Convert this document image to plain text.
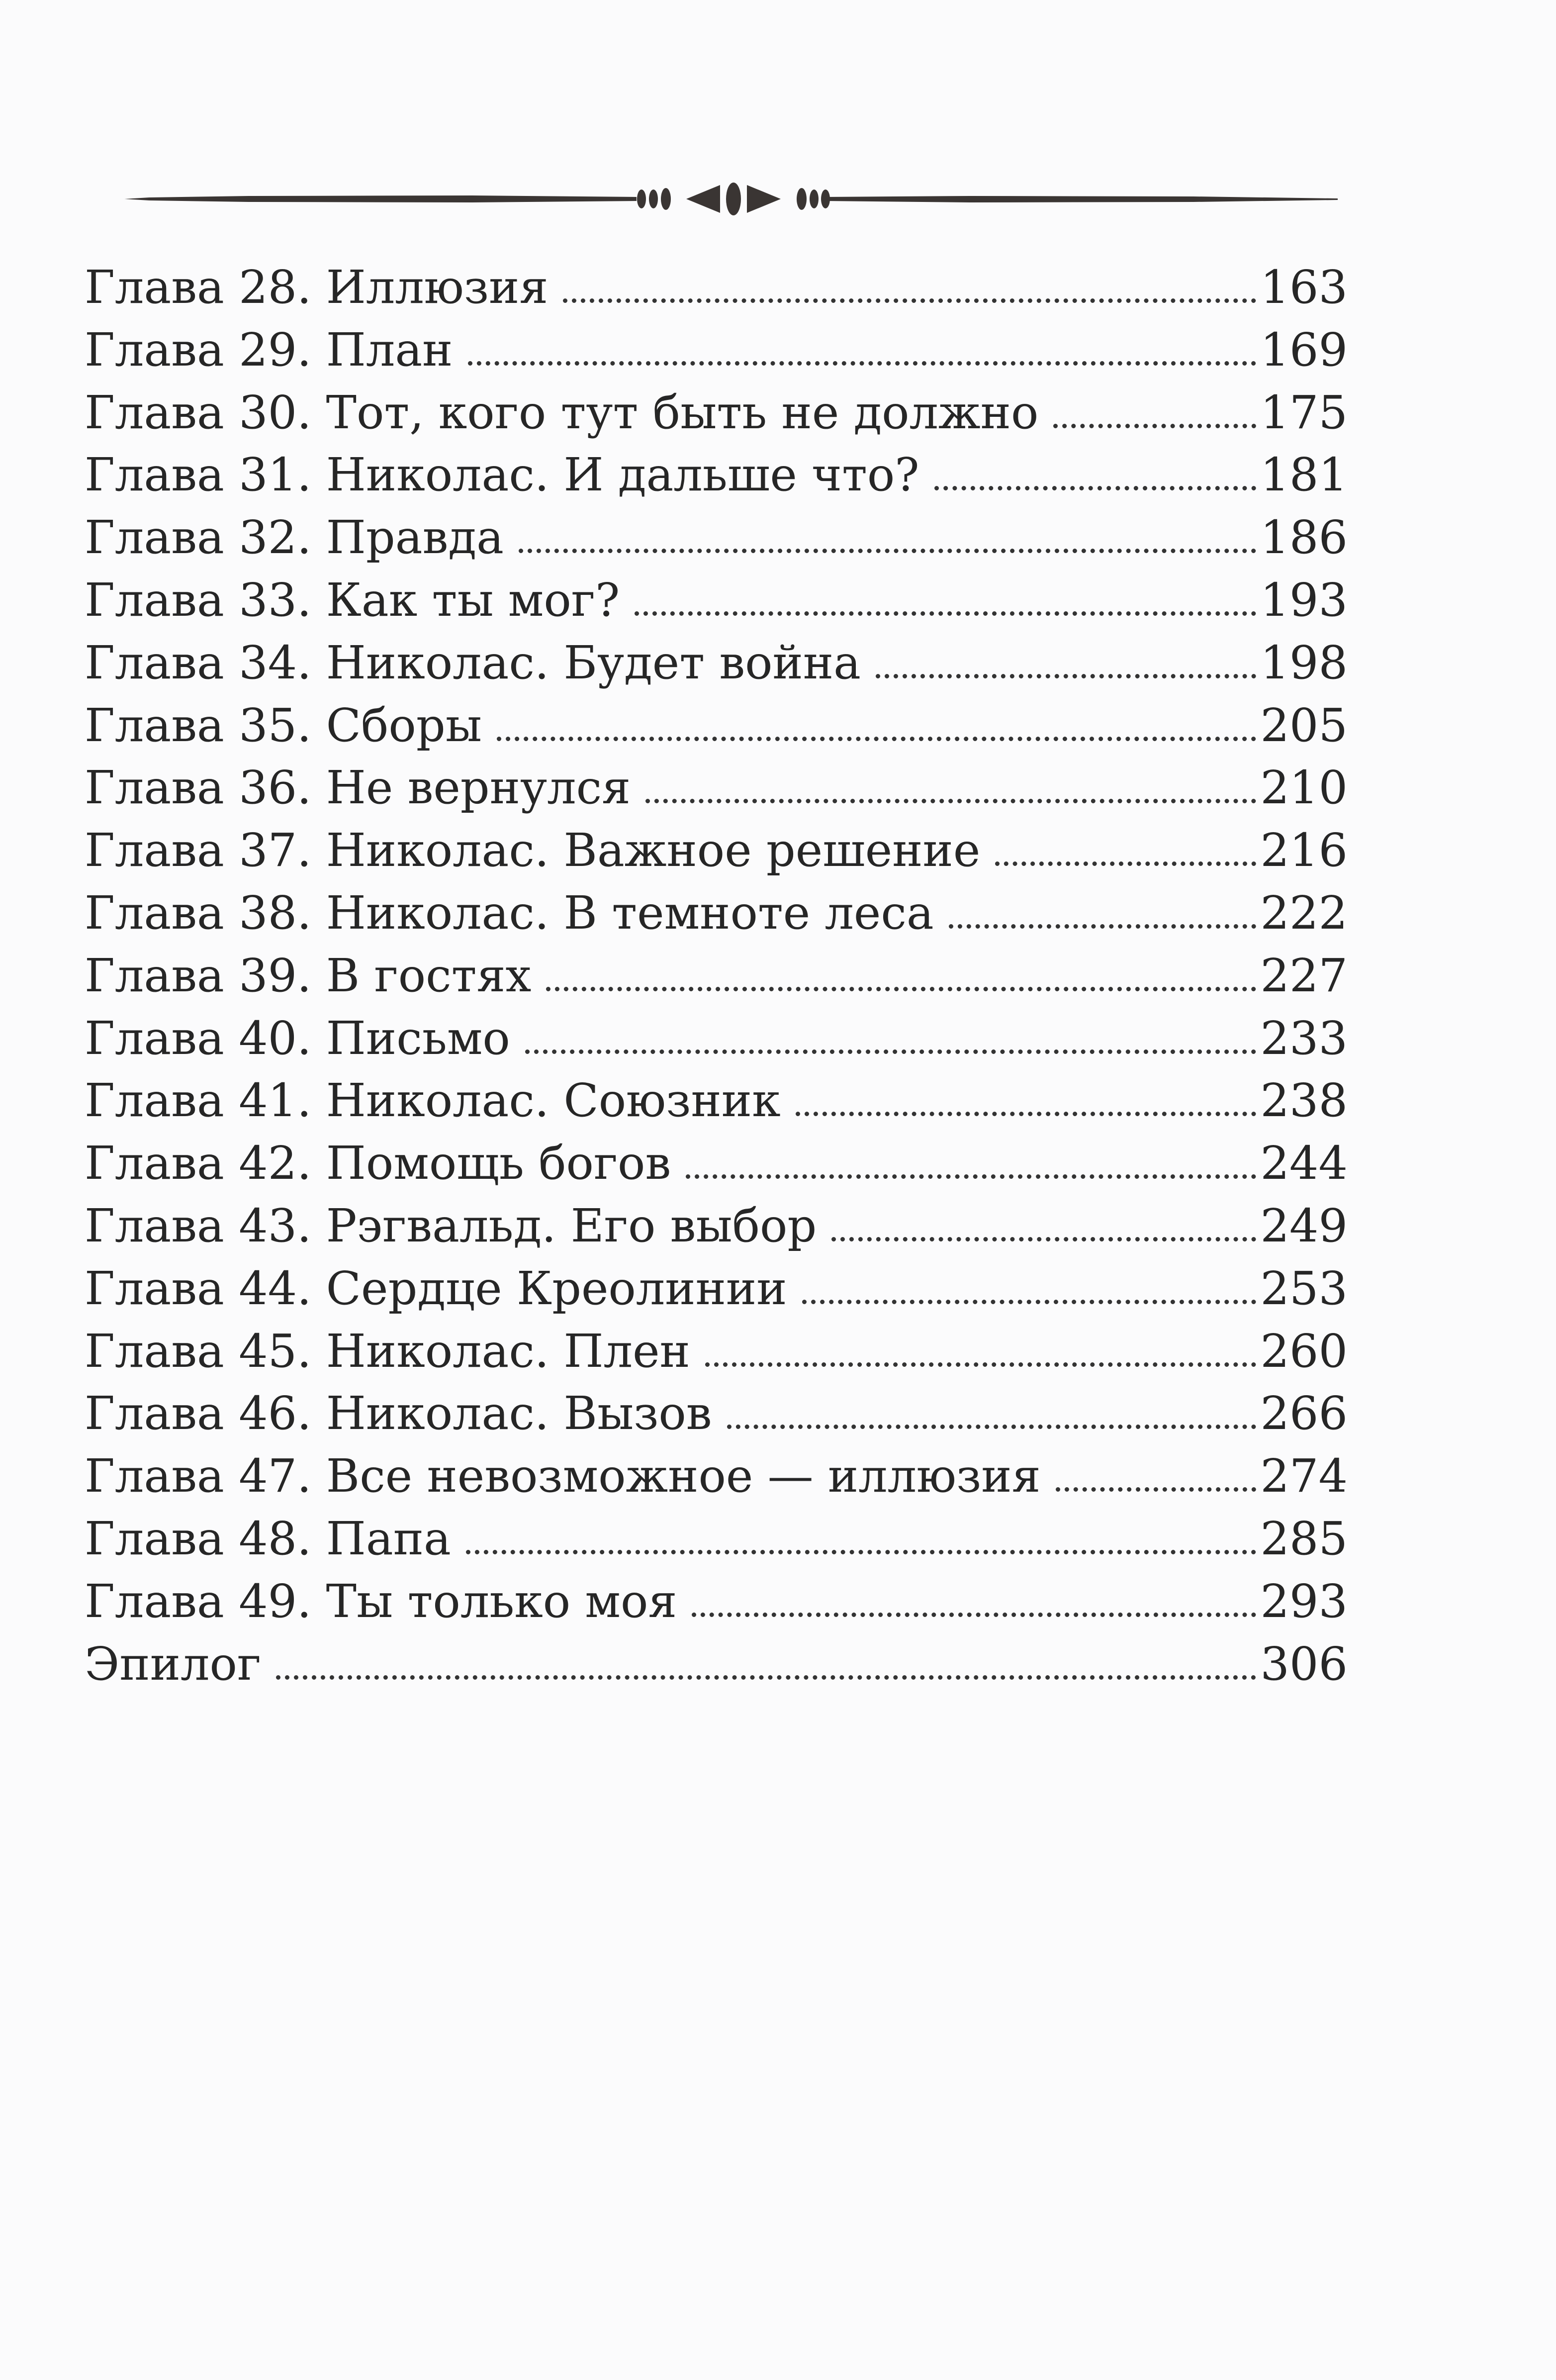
Глава 28. Иллюзия	163
Глава 29. План	169
Глава 30. Тот, кого тут быть не должно	175
Глава 31. Николас. И дальше что?	181
Глава 32. Правда	186
Глава 33. Как ты мог?	193
Глава 34. Николас. Будет война	198
Глава 35. Сборы	205
Глава 36. Не вернулся	210
Глава 37. Николас. Важное решение	216
Глава 38. Николас. В темноте леса	222
Глава 39. В гостях	227
Глава 40. Письмо	233
Глава 41. Николас. Союзник	238
Глава 42. Помощь богов	244
Глава 43. Рэгвальд. Его выбор	249
Глава 44. Сердце Креолинии	253
Глава 45. Николас. Плен	260
Глава 46. Николас. Вызов	266
Глава 47. Все невозможное — иллюзия	274
Глава 48. Папа	285
Глава 49. Ты только моя	293
Эпилог	306
